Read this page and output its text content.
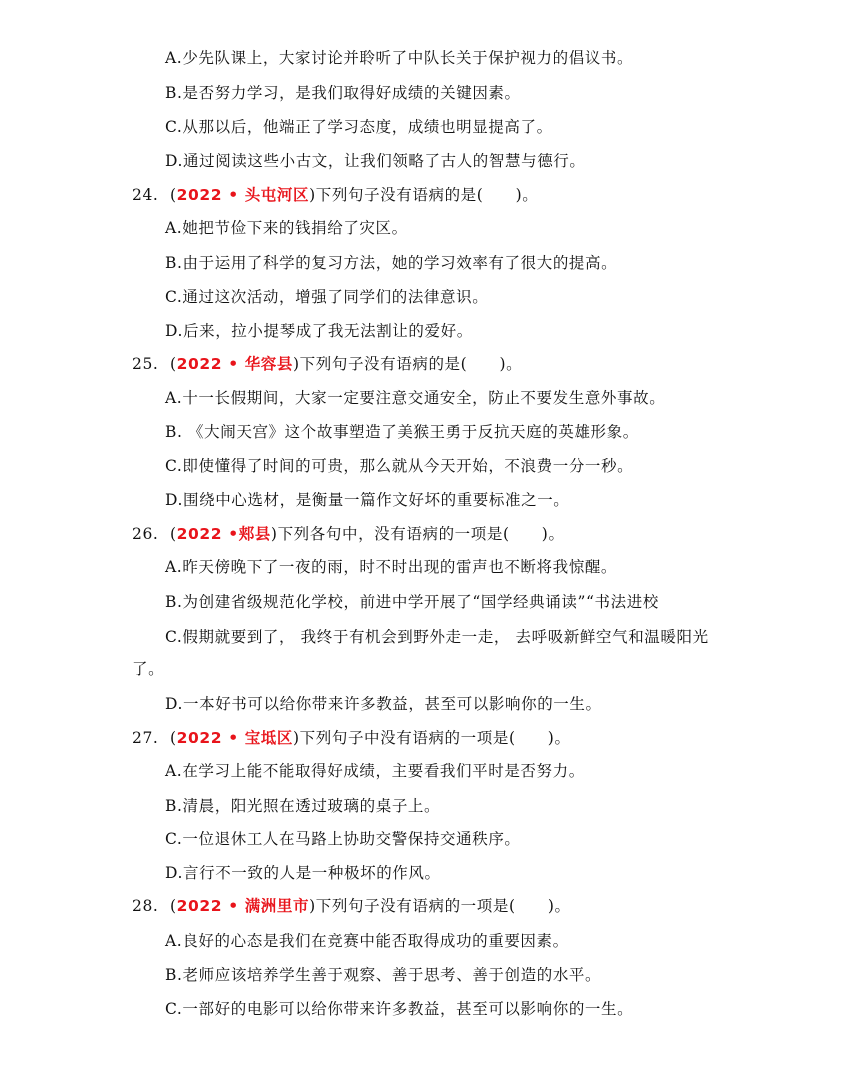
A.少先队课上，大家讨论并聆听了中队长关于保护视力的倡议书。
B.是否努力学习，是我们取得好成绩的关键因素。
C.从那以后，他端正了学习态度，成绩也明显提高了。
D.通过阅读这些小古文，让我们领略了古人的智慧与德行。
24. (2022 • 头屯河区)下列句子没有语病的是(　　)。
A.她把节俭下来的钱捐给了灾区。
B.由于运用了科学的复习方法，她的学习效率有了很大的提高。
C.通过这次活动，增强了同学们的法律意识。
D.后来，拉小提琴成了我无法割让的爱好。
25. (2022 • 华容县)下列句子没有语病的是(　　)。
A.十一长假期间，大家一定要注意交通安全，防止不要发生意外事故。
B. 《大闹天宫》这个故事塑造了美猴王勇于反抗天庭的英雄形象。
C.即使懂得了时间的可贵，那么就从今天开始，不浪费一分一秒。
D.围绕中心选材，是衡量一篇作文好坏的重要标准之一。
26. (2022 •郏县)下列各句中，没有语病的一项是(　　)。
A.昨天傍晚下了一夜的雨，时不时出现的雷声也不断将我惊醒。
B.为创建省级规范化学校，前进中学开展了“国学经典诵读”“书法进校
C.假期就要到了， 我终于有机会到野外走一走， 去呼吸新鲜空气和温暖阳光
了。
D.一本好书可以给你带来许多教益，甚至可以影响你的一生。
27. (2022 • 宝坻区)下列句子中没有语病的一项是(　　)。
A.在学习上能不能取得好成绩，主要看我们平时是否努力。
B.清晨，阳光照在透过玻璃的桌子上。
C.一位退休工人在马路上协助交警保持交通秩序。
D.言行不一致的人是一种极坏的作风。
28. (2022 • 满洲里市)下列句子没有语病的一项是(　　)。
A.良好的心态是我们在竞赛中能否取得成功的重要因素。
B.老师应该培养学生善于观察、善于思考、善于创造的水平。
C.一部好的电影可以给你带来许多教益，甚至可以影响你的一生。
